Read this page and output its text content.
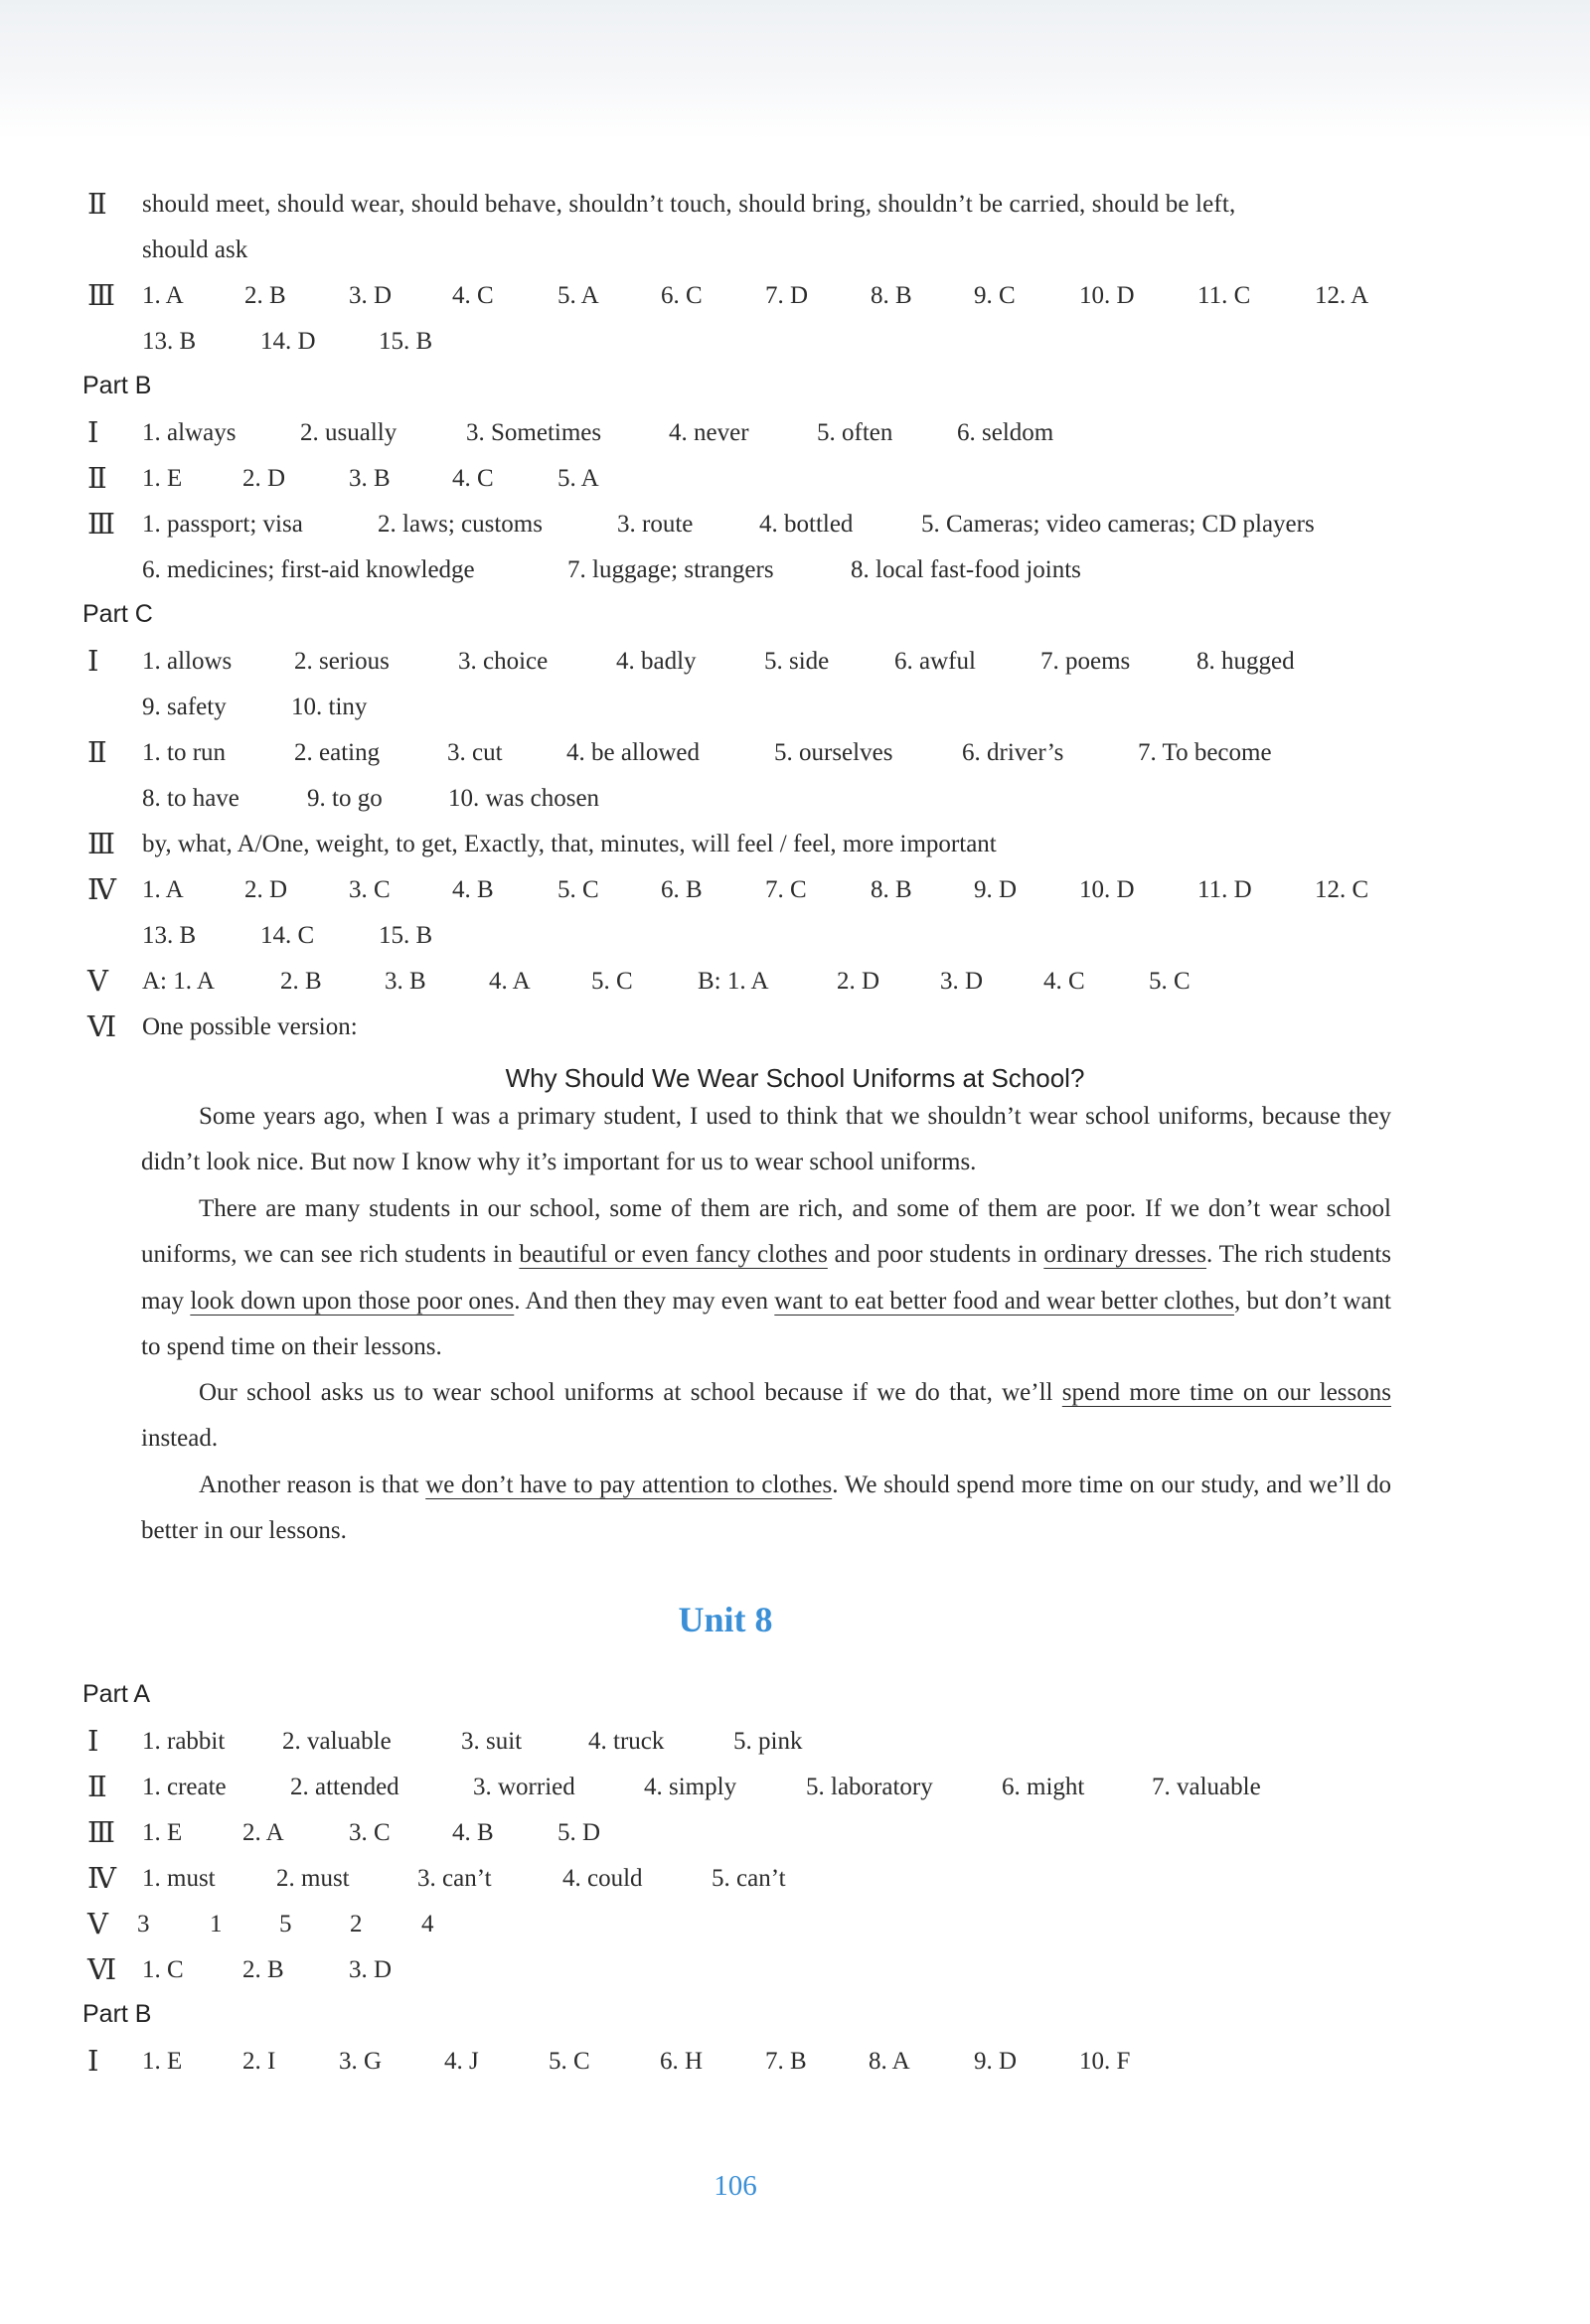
Ⅱ should meet, should wear, should behave, shouldn’t touch, should bring, shouldn’t be carried, should be left,
should ask
Ⅲ 1. A 2. B	3. D 4. C	5. A 6. C	7. D	8. B 9. C	10. D	11. C	12. A
13. B	14. D	15. B
Part B
Ⅰ 1. always	2. usually	3. Sometimes	4. never	5. often	6. seldom
Ⅱ 1. E 2. D	3. B 4. C	5. A
Ⅲ 1. passport; visa	2. laws; customs	3. route	4. bottled	5. Cameras; video cameras; CD players
6. medicines; first-aid knowledge	7. luggage; strangers	8. local fast-food joints
Part C
Ⅰ 1. allows	2. serious	3. choice	4. badly	5. side	6. awful	7. poems	8. hugged
9. safety	10. tiny
Ⅱ 1. to run	2. eating	3. cut	4. be allowed	5. ourselves	6. driver’s	7. To become
8. to have	9. to go	10. was chosen
Ⅲ by, what, A/One, weight, to get, Exactly, that, minutes, will feel / feel, more important
Ⅳ 1. A 2. D 3. C 4. B	5. C 6. B	7. C	8. B 9. D	10. D	11. D	12. C
13. B	14. C	15. B
Ⅴ A: 1. A	2. B	3. B	4. A 5. C	B: 1. A	2. D 3. D 4. C	5. C
Ⅵ One possible version:
Why Should We Wear School Uniforms at School?
Some years ago, when I was a primary student, I used to think that we shouldn’t wear school uniforms, because they didn’t look nice. But now I know why it’s important for us to wear school uniforms.
There are many students in our school, some of them are rich, and some of them are poor. If we don’t wear school uniforms, we can see rich students in beautiful or even fancy clothes and poor students in ordinary dresses. The rich students may look down upon those poor ones. And then they may even want to eat better food and wear better clothes, but don’t want to spend time on their lessons.
Our school asks us to wear school uniforms at school because if we do that, we’ll spend more time on our lessons instead.
Another reason is that we don’t have to pay attention to clothes. We should spend more time on our study, and we’ll do better in our lessons.
Unit 8
Part A
Ⅰ 1. rabbit 2. valuable	3. suit	4. truck	5. pink
Ⅱ 1. create	2. attended	3. worried	4. simply	5. laboratory	6. might	7. valuable
Ⅲ 1. E 2. A	3. C 4. B	5. D
Ⅳ 1. must 2. must	3. can’t	4. could	5. can’t
Ⅴ 3 1 5 2 4
Ⅵ 1. C 2. B	3. D
Part B
Ⅰ 1. E 2. I	3. G	4. J	5. C	6. H	7. B 8. A	9. D	10. F
106
